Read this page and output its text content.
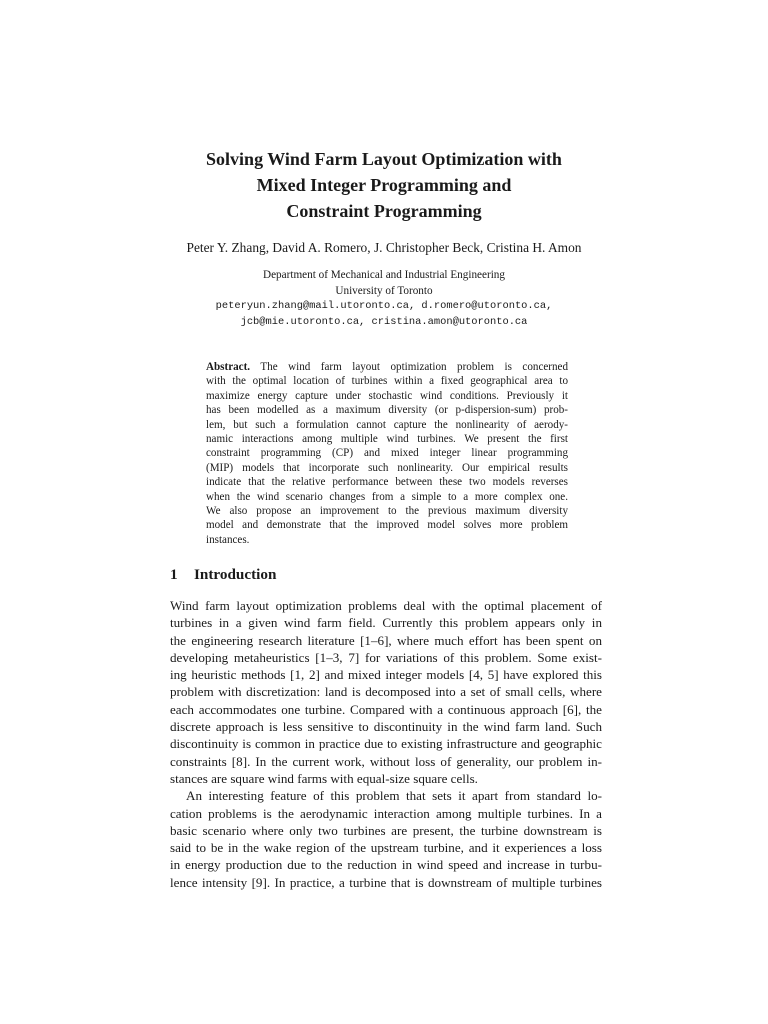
Solving Wind Farm Layout Optimization with
Mixed Integer Programming and
Constraint Programming
Peter Y. Zhang, David A. Romero, J. Christopher Beck, Cristina H. Amon
Department of Mechanical and Industrial Engineering
University of Toronto
peteryun.zhang@mail.utoronto.ca, d.romero@utoronto.ca,
jcb@mie.utoronto.ca, cristina.amon@utoronto.ca
Abstract. The wind farm layout optimization problem is concerned
with the optimal location of turbines within a fixed geographical area to
maximize energy capture under stochastic wind conditions. Previously it
has been modelled as a maximum diversity (or p-dispersion-sum) prob-
lem, but such a formulation cannot capture the nonlinearity of aerody-
namic interactions among multiple wind turbines. We present the first
constraint programming (CP) and mixed integer linear programming
(MIP) models that incorporate such nonlinearity. Our empirical results
indicate that the relative performance between these two models reverses
when the wind scenario changes from a simple to a more complex one.
We also propose an improvement to the previous maximum diversity
model and demonstrate that the improved model solves more problem
instances.
1 Introduction
Wind farm layout optimization problems deal with the optimal placement of
turbines in a given wind farm field. Currently this problem appears only in
the engineering research literature [1–6], where much effort has been spent on
developing metaheuristics [1–3, 7] for variations of this problem. Some exist-
ing heuristic methods [1, 2] and mixed integer models [4, 5] have explored this
problem with discretization: land is decomposed into a set of small cells, where
each accommodates one turbine. Compared with a continuous approach [6], the
discrete approach is less sensitive to discontinuity in the wind farm land. Such
discontinuity is common in practice due to existing infrastructure and geographic
constraints [8]. In the current work, without loss of generality, our problem in-
stances are square wind farms with equal-size square cells.
An interesting feature of this problem that sets it apart from standard lo-
cation problems is the aerodynamic interaction among multiple turbines. In a
basic scenario where only two turbines are present, the turbine downstream is
said to be in the wake region of the upstream turbine, and it experiences a loss
in energy production due to the reduction in wind speed and increase in turbu-
lence intensity [9]. In practice, a turbine that is downstream of multiple turbines
